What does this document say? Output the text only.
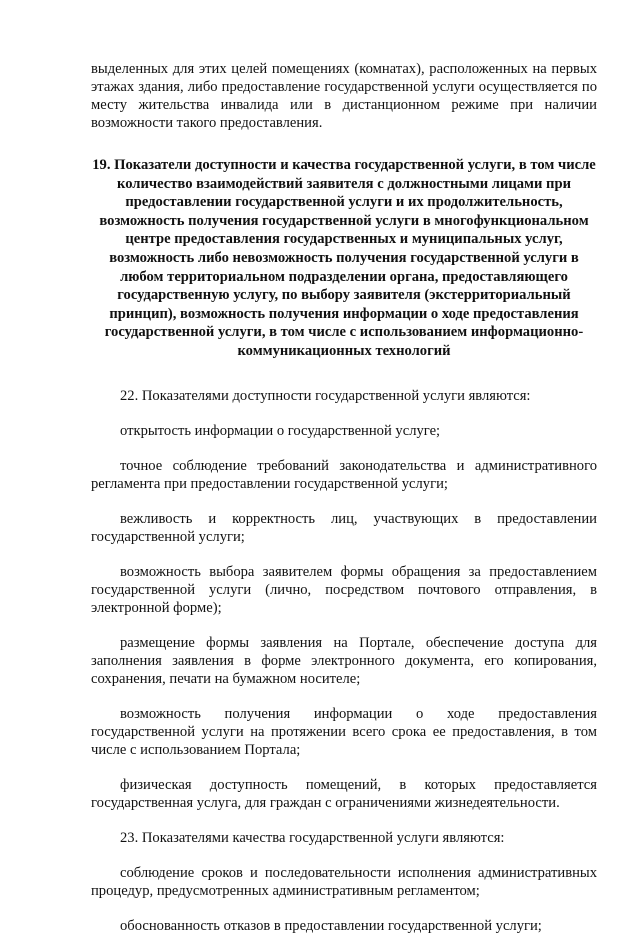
выделенных для этих целей помещениях (комнатах), расположенных на первых этажах здания, либо предоставление государственной услуги осуществляется по месту жительства инвалида или в дистанционном режиме при наличии возможности такого предоставления.

19. Показатели доступности и качества государственной услуги, в том числе количество взаимодействий заявителя с должностными лицами при предоставлении государственной услуги и их продолжительность, возможность получения государственной услуги в многофункциональном центре предоставления государственных и муниципальных услуг, возможность либо невозможность получения государственной услуги в любом территориальном подразделении органа, предоставляющего государственную услугу, по выбору заявителя (экстерриториальный принцип), возможность получения информации о ходе предоставления государственной услуги, в том числе с использованием информационно-коммуникационных технологий

22. Показателями доступности государственной услуги являются:

открытость информации о государственной услуге;

точное соблюдение требований законодательства и административного регламента при предоставлении государственной услуги;

вежливость и корректность лиц, участвующих в предоставлении государственной услуги;

возможность выбора заявителем формы обращения за предоставлением государственной услуги (лично, посредством почтового отправления, в электронной форме);

размещение формы заявления на Портале, обеспечение доступа для заполнения заявления в форме электронного документа, его копирования, сохранения, печати на бумажном носителе;

возможность получения информации о ходе предоставления государственной услуги на протяжении всего срока ее предоставления, в том числе с использованием Портала;

физическая доступность помещений, в которых предоставляется государственная услуга, для граждан с ограничениями жизнедеятельности.

23. Показателями качества государственной услуги являются:

соблюдение сроков и последовательности исполнения административных процедур, предусмотренных административным регламентом;

обоснованность отказов в предоставлении государственной услуги;
